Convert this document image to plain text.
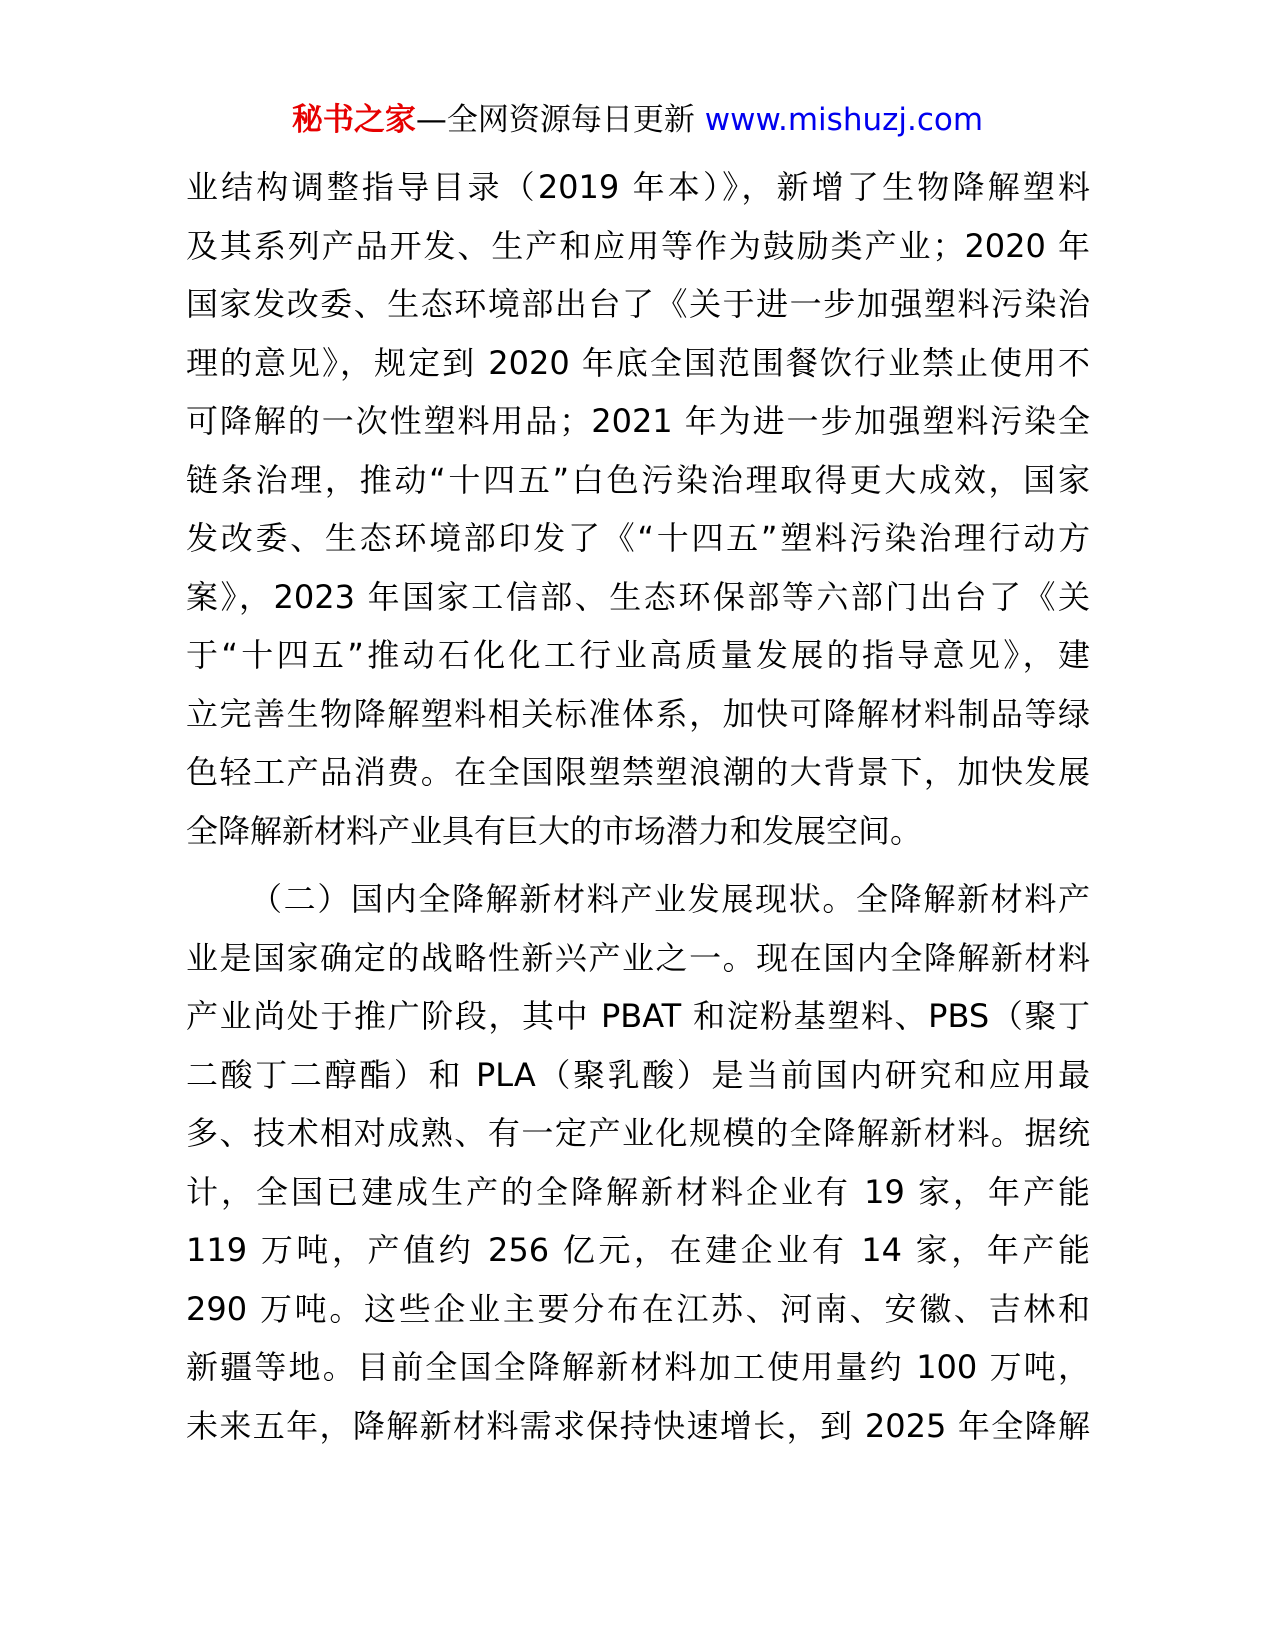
秘书之家—全网资源每日更新 www.mishuzj.com
业结构调整指导目录（2019 年本）》，新增了生物降解塑料
及其系列产品开发、生产和应用等作为鼓励类产业；2020 年
国家发改委、生态环境部出台了《关于进一步加强塑料污染治
理的意见》，规定到 2020 年底全国范围餐饮行业禁止使用不
可降解的一次性塑料用品；2021 年为进一步加强塑料污染全
链条治理，推动“十四五”白色污染治理取得更大成效，国家
发改委、生态环境部印发了《“十四五”塑料污染治理行动方
案》，2023 年国家工信部、生态环保部等六部门出台了《关
于“十四五”推动石化化工行业高质量发展的指导意见》，建
立完善生物降解塑料相关标准体系，加快可降解材料制品等绿
色轻工产品消费。在全国限塑禁塑浪潮的大背景下，加快发展
全降解新材料产业具有巨大的市场潜力和发展空间。
（二）国内全降解新材料产业发展现状。全降解新材料产
业是国家确定的战略性新兴产业之一。现在国内全降解新材料
产业尚处于推广阶段，其中 PBAT 和淀粉基塑料、PBS（聚丁
二酸丁二醇酯）和 PLA（聚乳酸）是当前国内研究和应用最
多、技术相对成熟、有一定产业化规模的全降解新材料。据统
计，全国已建成生产的全降解新材料企业有 19 家，年产能
119 万吨，产值约 256 亿元，在建企业有 14 家，年产能
290 万吨。这些企业主要分布在江苏、河南、安徽、吉林和
新疆等地。目前全国全降解新材料加工使用量约 100 万吨，
未来五年，降解新材料需求保持快速增长，到 2025 年全降解
